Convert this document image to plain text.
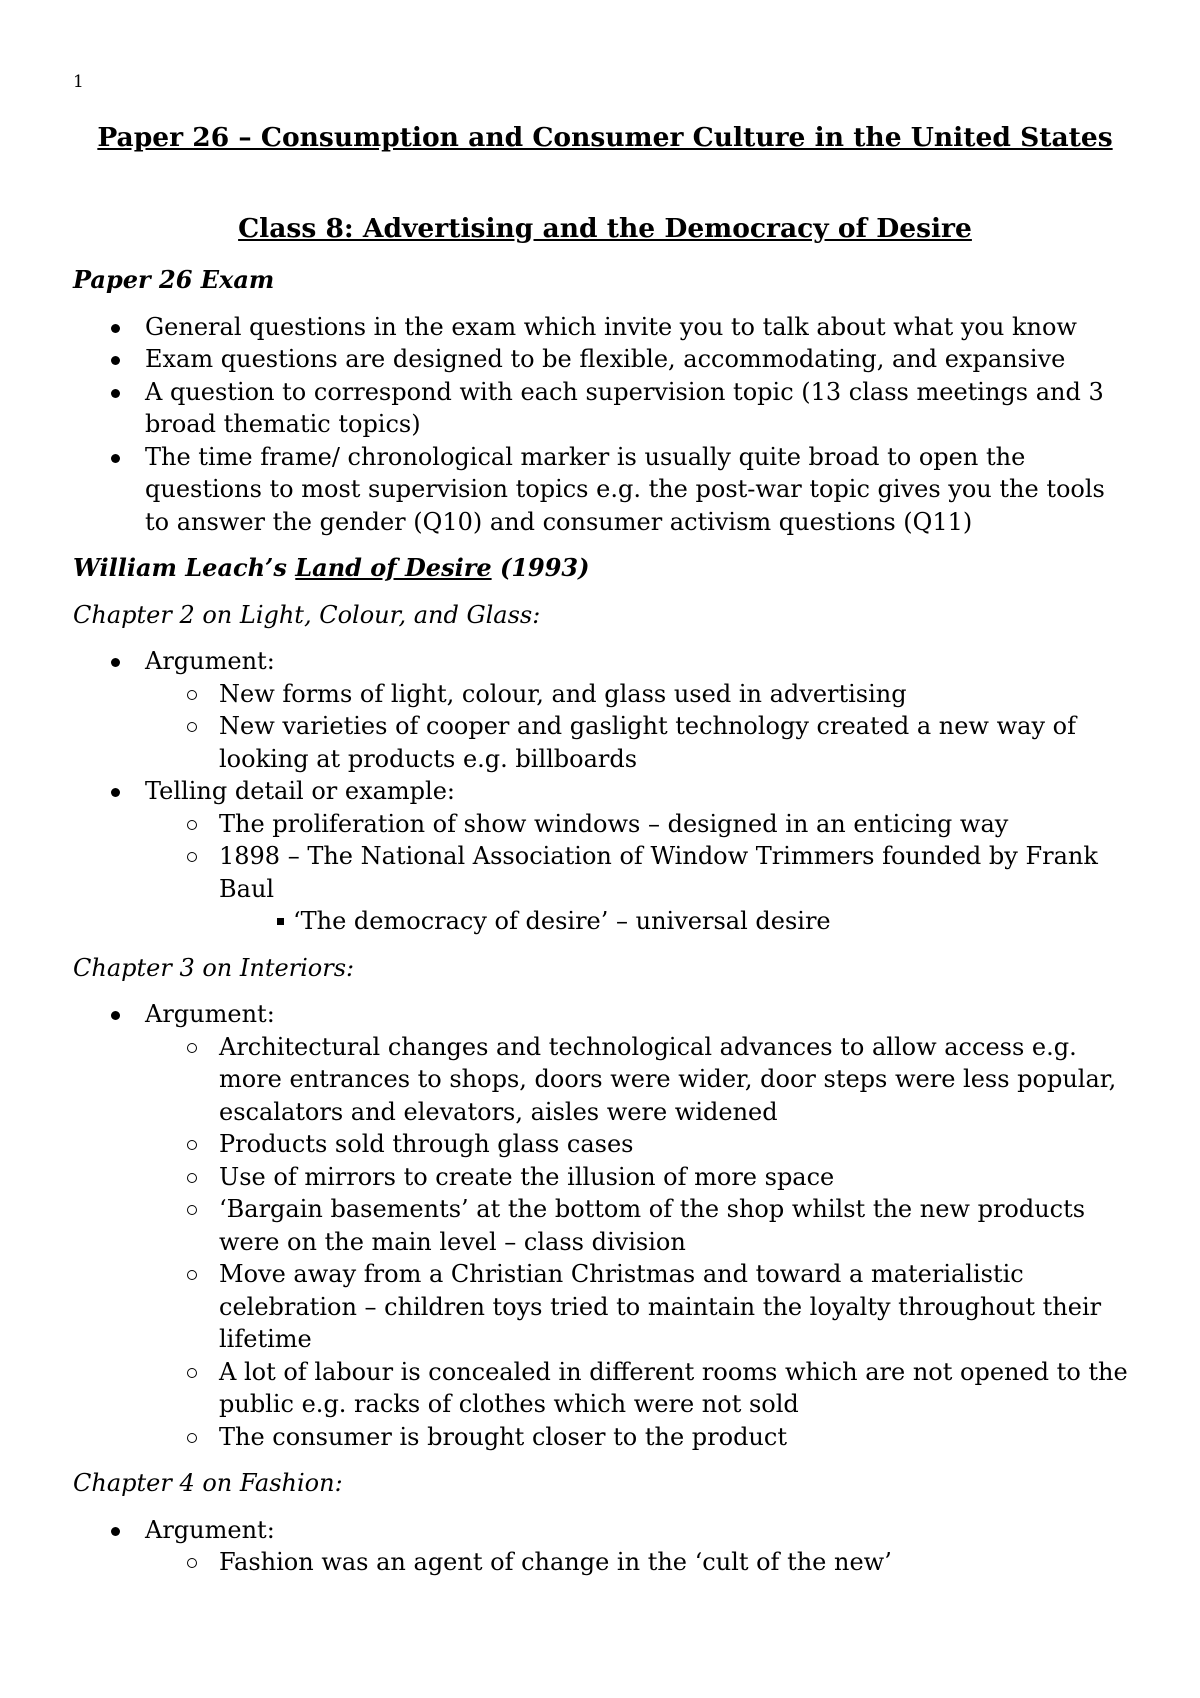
1
Paper 26 – Consumption and Consumer Culture in the United States
Class 8: Advertising and the Democracy of Desire

Paper 26 Exam

General questions in the exam which invite you to talk about what you know
Exam questions are designed to be flexible, accommodating, and expansive
A question to correspond with each supervision topic (13 class meetings and 3 broad thematic topics)
The time frame/ chronological marker is usually quite broad to open the questions to most supervision topics e.g. the post-war topic gives you the tools to answer the gender (Q10) and consumer activism questions (Q11)

William Leach’s Land of Desire (1993)

Chapter 2 on Light, Colour, and Glass:

Argument:
New forms of light, colour, and glass used in advertising
New varieties of cooper and gaslight technology created a new way of looking at products e.g. billboards
Telling detail or example:
The proliferation of show windows – designed in an enticing way
1898 – The National Association of Window Trimmers founded by Frank Baul
‘The democracy of desire’ – universal desire

Chapter 3 on Interiors:

Argument:
Architectural changes and technological advances to allow access e.g. more entrances to shops, doors were wider, door steps were less popular, escalators and elevators, aisles were widened
Products sold through glass cases
Use of mirrors to create the illusion of more space
‘Bargain basements’ at the bottom of the shop whilst the new products were on the main level – class division
Move away from a Christian Christmas and toward a materialistic celebration – children toys tried to maintain the loyalty throughout their lifetime
A lot of labour is concealed in different rooms which are not opened to the public e.g. racks of clothes which were not sold
The consumer is brought closer to the product

Chapter 4 on Fashion:

Argument:
Fashion was an agent of change in the ‘cult of the new’
